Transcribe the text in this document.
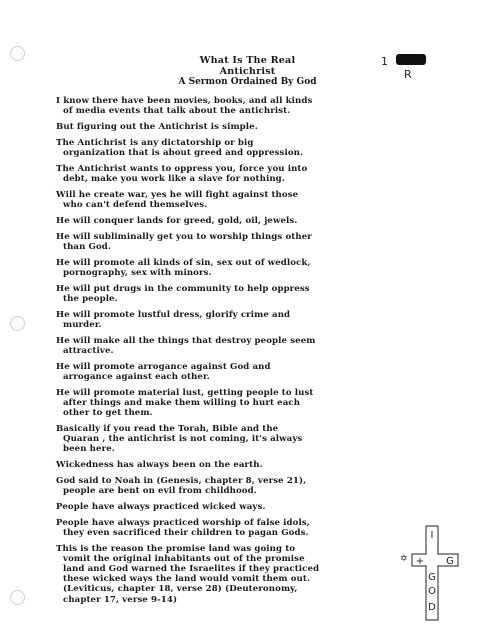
What Is The Real
Antichrist
A Sermon Ordained By God
1
R
I know there have been movies, books, and all kinds
of media events that talk about the antichrist.
But figuring out the Antichrist is simple.
The Antichrist is any dictatorship or big
organization that is about greed and oppression.
The Antichrist wants to oppress you, force you into
debt, make you work like a slave for nothing.
Will he create war, yes he will fight against those
who can't defend themselves.
He will conquer lands for greed, gold, oil, jewels.
He will subliminally get you to worship things other
than God.
He will promote all kinds of sin, sex out of wedlock,
pornography, sex with minors.
He will put drugs in the community to help oppress
the people.
He will promote lustful dress, glorify crime and
murder.
He will make all the things that destroy people seem
attractive.
He will promote arrogance against God and
arrogance against each other.
He will promote material lust, getting people to lust
after things and make them willing to hurt each
other to get them.
Basically if you read the Torah, Bible and the
Quaran , the antichrist is not coming, it's always
been here.
Wickedness has always been on the earth.
God said to Noah in (Genesis, chapter 8, verse 21),
people are bent on evil from childhood.
People have always practiced wicked ways.
People have always practiced worship of false idols,
they even sacrificed their children to pagan Gods.
This is the reason the promise land was going to
vomit the original inhabitants out of the promise
land and God warned the Israelites if they practiced
these wicked ways the land would vomit them out.
(Leviticus, chapter 18, verse 28) (Deuteronomy,
chapter 17, verse 9-14)
✡
I
+ G
G
O
D
